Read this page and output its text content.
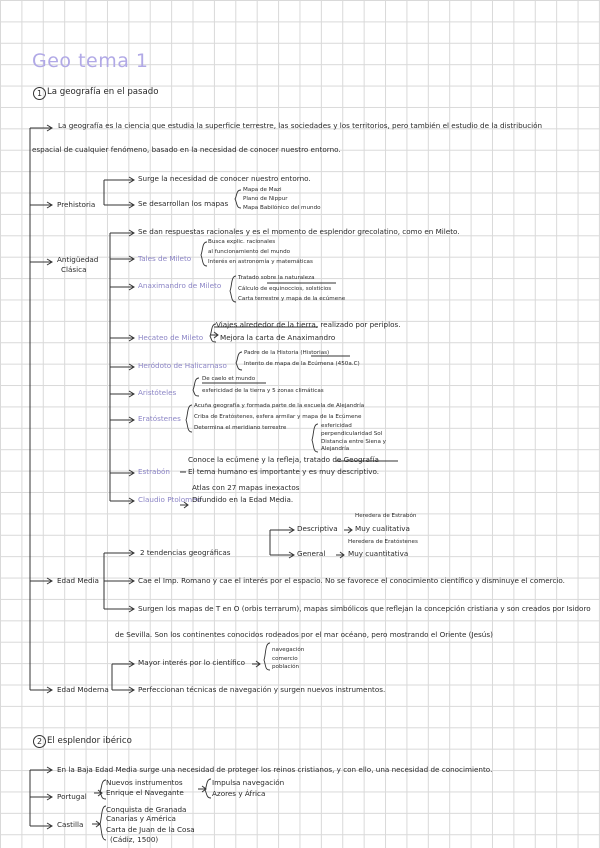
Geo tema 1
1 La geografía en el pasado
La geografía es la ciencia que estudia la superficie terrestre, las sociedades y los territorios, pero también el estudio de la distribución
espacial de cualquier fenómeno, basado en la necesidad de conocer nuestro entorno.
Prehistoria
Surge la necesidad de conocer nuestro entorno.
Se desarrollan los mapas
Mapa de Mazi
Plano de Nippur
Mapa Babilónico del mundo
Antigüedad
Clásica
Se dan respuestas racionales y es el momento de esplendor grecolatino, como en Mileto.
Tales de Mileto
Busca explic. racionales
al funcionamiento del mundo
Interés en astronomía y matemáticas
Anaximandro de Mileto
Tratado sobre la naturaleza
Cálculo de equinoccios, solsticios
Carta terrestre y mapa de la ecúmene
Hecateo de Mileto
Viajes alrededor de la tierra, realizado por periplos.
Mejora la carta de Anaximandro
Heródoto de Halicarnaso
Padre de la Historia (Historias)
Intento de mapa de la Ecúmena (450a.C)
Aristóteles
De caelo et mundo
esfericidad de la tierra y 5 zonas climáticas
Eratóstenes
Acuña geografía y formada parte de la escuela de Alejandría
Criba de Eratóstenes, esfera armilar y mapa de la Ecúmene
Determina el meridiano terrestre	esfericidad
perpendicularidad Sol
Distancia entre Siena y Alejandría
Estrabón
Conoce la ecúmene y la refleja, tratado de Geografía
El tema humano es importante y es muy descriptivo.
Claudio Ptolomeo
Atlas con 27 mapas inexactos
Difundido en la Edad Media.
Edad Media
2 tendencias geográficas
Descriptiva
Heredera de Estrabón
Muy cualitativa
General
Heredera de Eratóstenes
Muy cuantitativa
Cae el Imp. Romano y cae el interés por el espacio. No se favorece el conocimiento científico y disminuye el comercio.
Surgen los mapas de T en O (orbis terrarum), mapas simbólicos que reflejan la concepción cristiana y son creados por Isidoro
de Sevilla. Son los continentes conocidos rodeados por el mar océano, pero mostrando el Oriente (Jesús)
Edad Moderna
Mayor interés por lo científico
navegación
comercio
población
Perfeccionan técnicas de navegación y surgen nuevos instrumentos.
2 El esplendor ibérico
En la Baja Edad Media surge una necesidad de proteger los reinos cristianos, y con ello, una necesidad de conocimiento.
Portugal
Nuevos instrumentos
Enrique el Navegante
Impulsa navegación
Azores y África
Castilla
Conquista de Granada
Canarias y América
Carta de Juan de la Cosa
(Cádiz, 1500)
